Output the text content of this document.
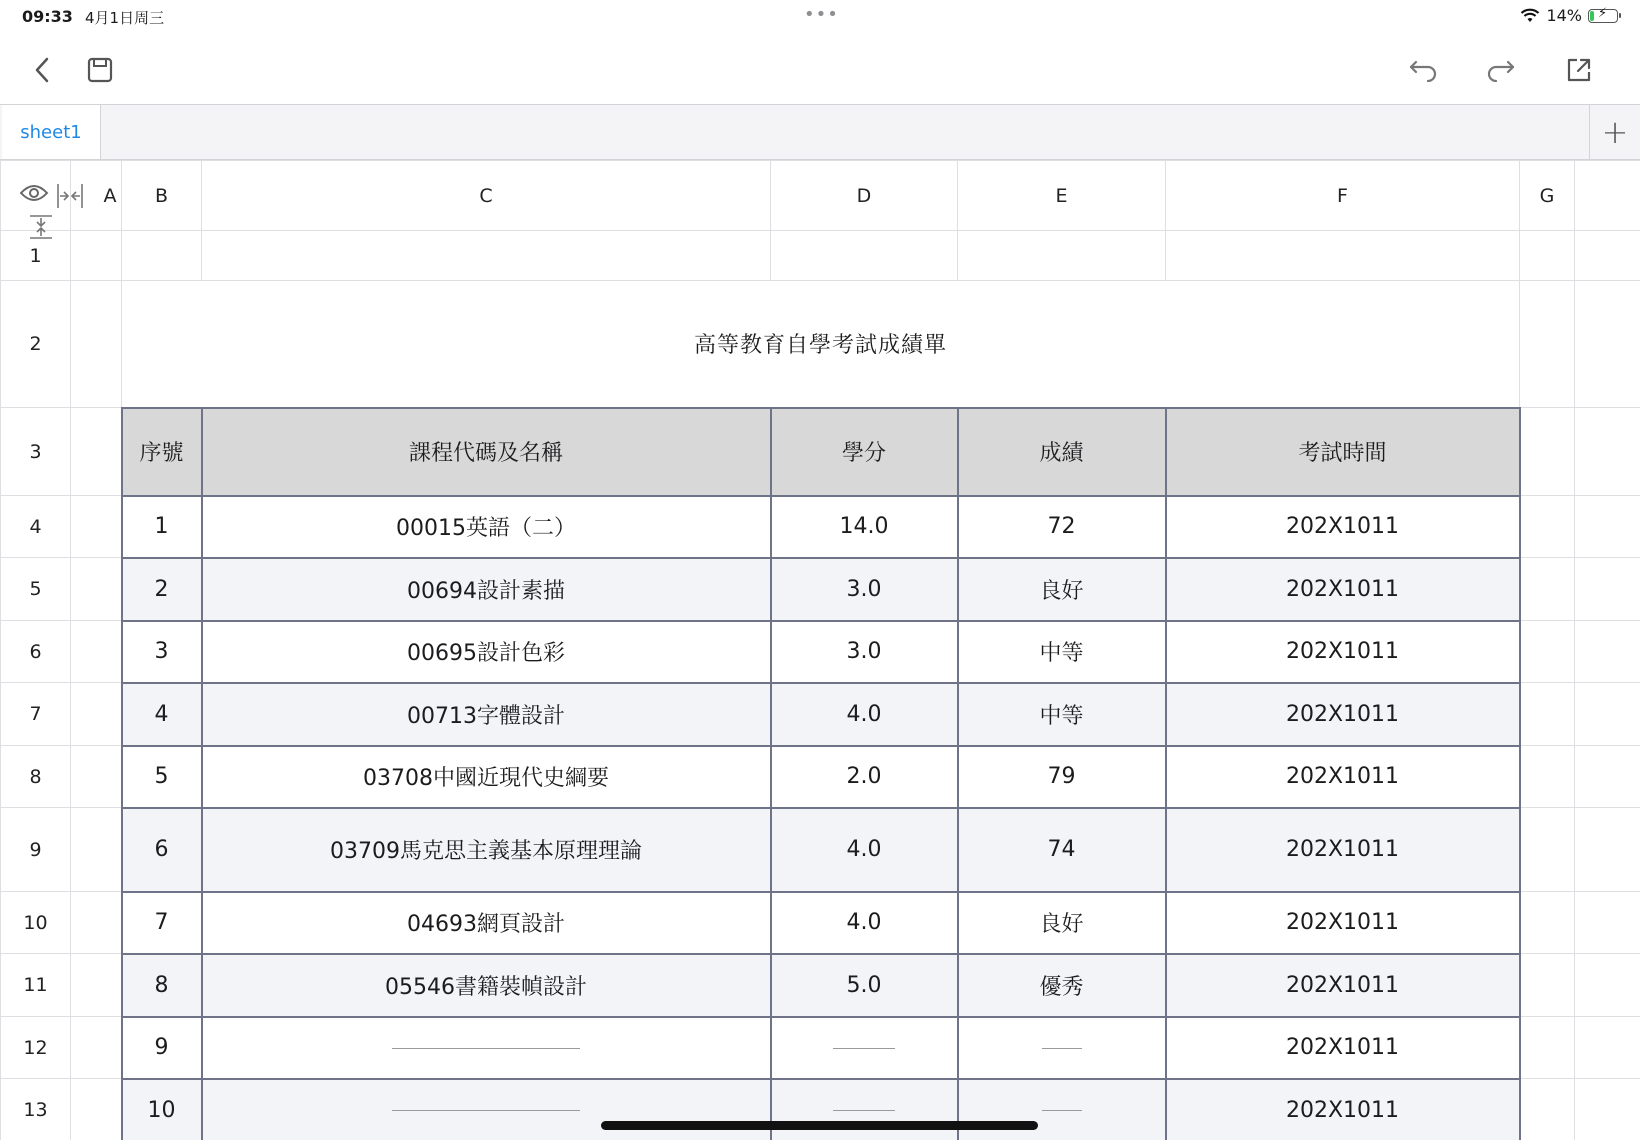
09:33 4月1日周三	•••	14% ⚡
sheet1	+

A	B	C	D	E	F	G	
1								
2		高等教育自學考試成績單						
3		序號	課程代碼及名稱	學分	成績	考試時間		
4		1	00015英語（二）	14.0	72	202X1011		
5		2	00694設計素描	3.0	良好	202X1011		
6		3	00695設計色彩	3.0	中等	202X1011		
7		4	00713字體設計	4.0	中等	202X1011		
8		5	03708中國近現代史綱要	2.0	79	202X1011		
9		6	03709馬克思主義基本原理理論	4.0	74	202X1011		
10		7	04693網頁設計	4.0	良好	202X1011		
11		8	05546書籍裝幀設計	5.0	優秀	202X1011		
12		9				202X1011		
13		10				202X1011		
